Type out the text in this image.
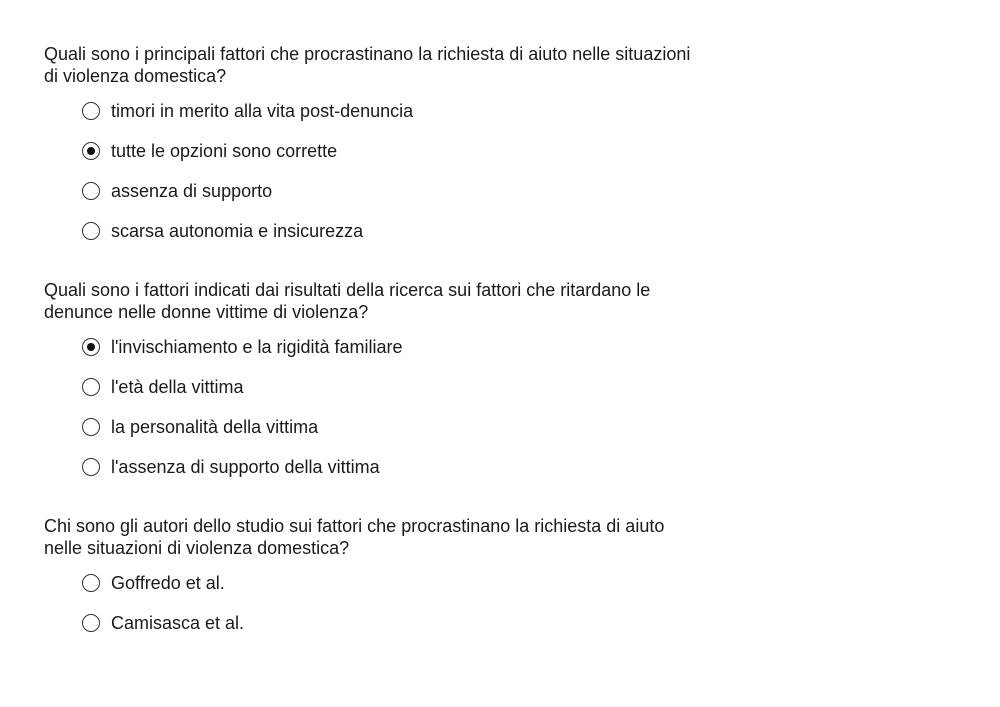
Quali sono i principali fattori che procrastinano la richiesta di aiuto nelle situazioni
di violenza domestica?

timori in merito alla vita post-denuncia
tutte le opzioni sono corrette
assenza di supporto
scarsa autonomia e insicurezza

Quali sono i fattori indicati dai risultati della ricerca sui fattori che ritardano le
denunce nelle donne vittime di violenza?

l'invischiamento e la rigidità familiare
l'età della vittima
la personalità della vittima
l'assenza di supporto della vittima

Chi sono gli autori dello studio sui fattori che procrastinano la richiesta di aiuto
nelle situazioni di violenza domestica?

Goffredo et al.
Camisasca et al.
